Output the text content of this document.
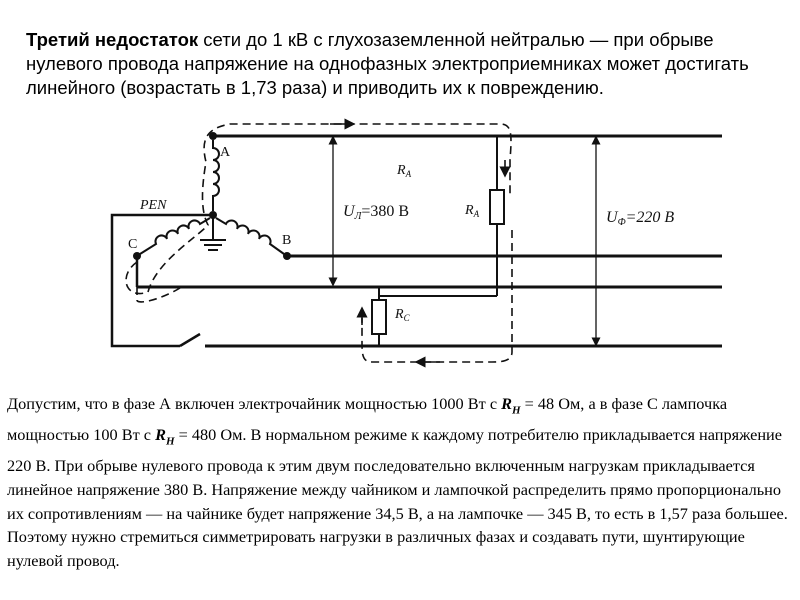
Третий недостаток сети до 1 кВ с глухозаземленной нейтралью — при обрыве нулевого провода напряжение на однофазных электроприемниках может достигать линейного (возрастать в 1,73 раза) и приводить их к повреждению.

A
B
C
PEN
$R_A$
$R_A$
$R_C$
UЛ=380 В	UФ=220 В

Допустим, что в фазе А включен электрочайник мощностью 1000 Вт с $R_Н = 48$ Ом, а в фазе С лампочка мощностью 100 Вт с $R_Н = 480$ Ом. В нормальном режиме к каждому потребителю прикладывается напряжение 220 В. При обрыве нулевого провода к этим двум последовательно включенным нагрузкам прикладывается линейное напряжение 380 В. Напряжение между чайником и лампочкой распределить прямо пропорционально их сопротивлениям — на чайнике будет напряжение 34,5 В, а на лампочке — 345 В, то есть в 1,57 раза большее. Поэтому нужно стремиться симметрировать нагрузки в различных фазах и создавать пути, шунтирующие нулевой провод.
